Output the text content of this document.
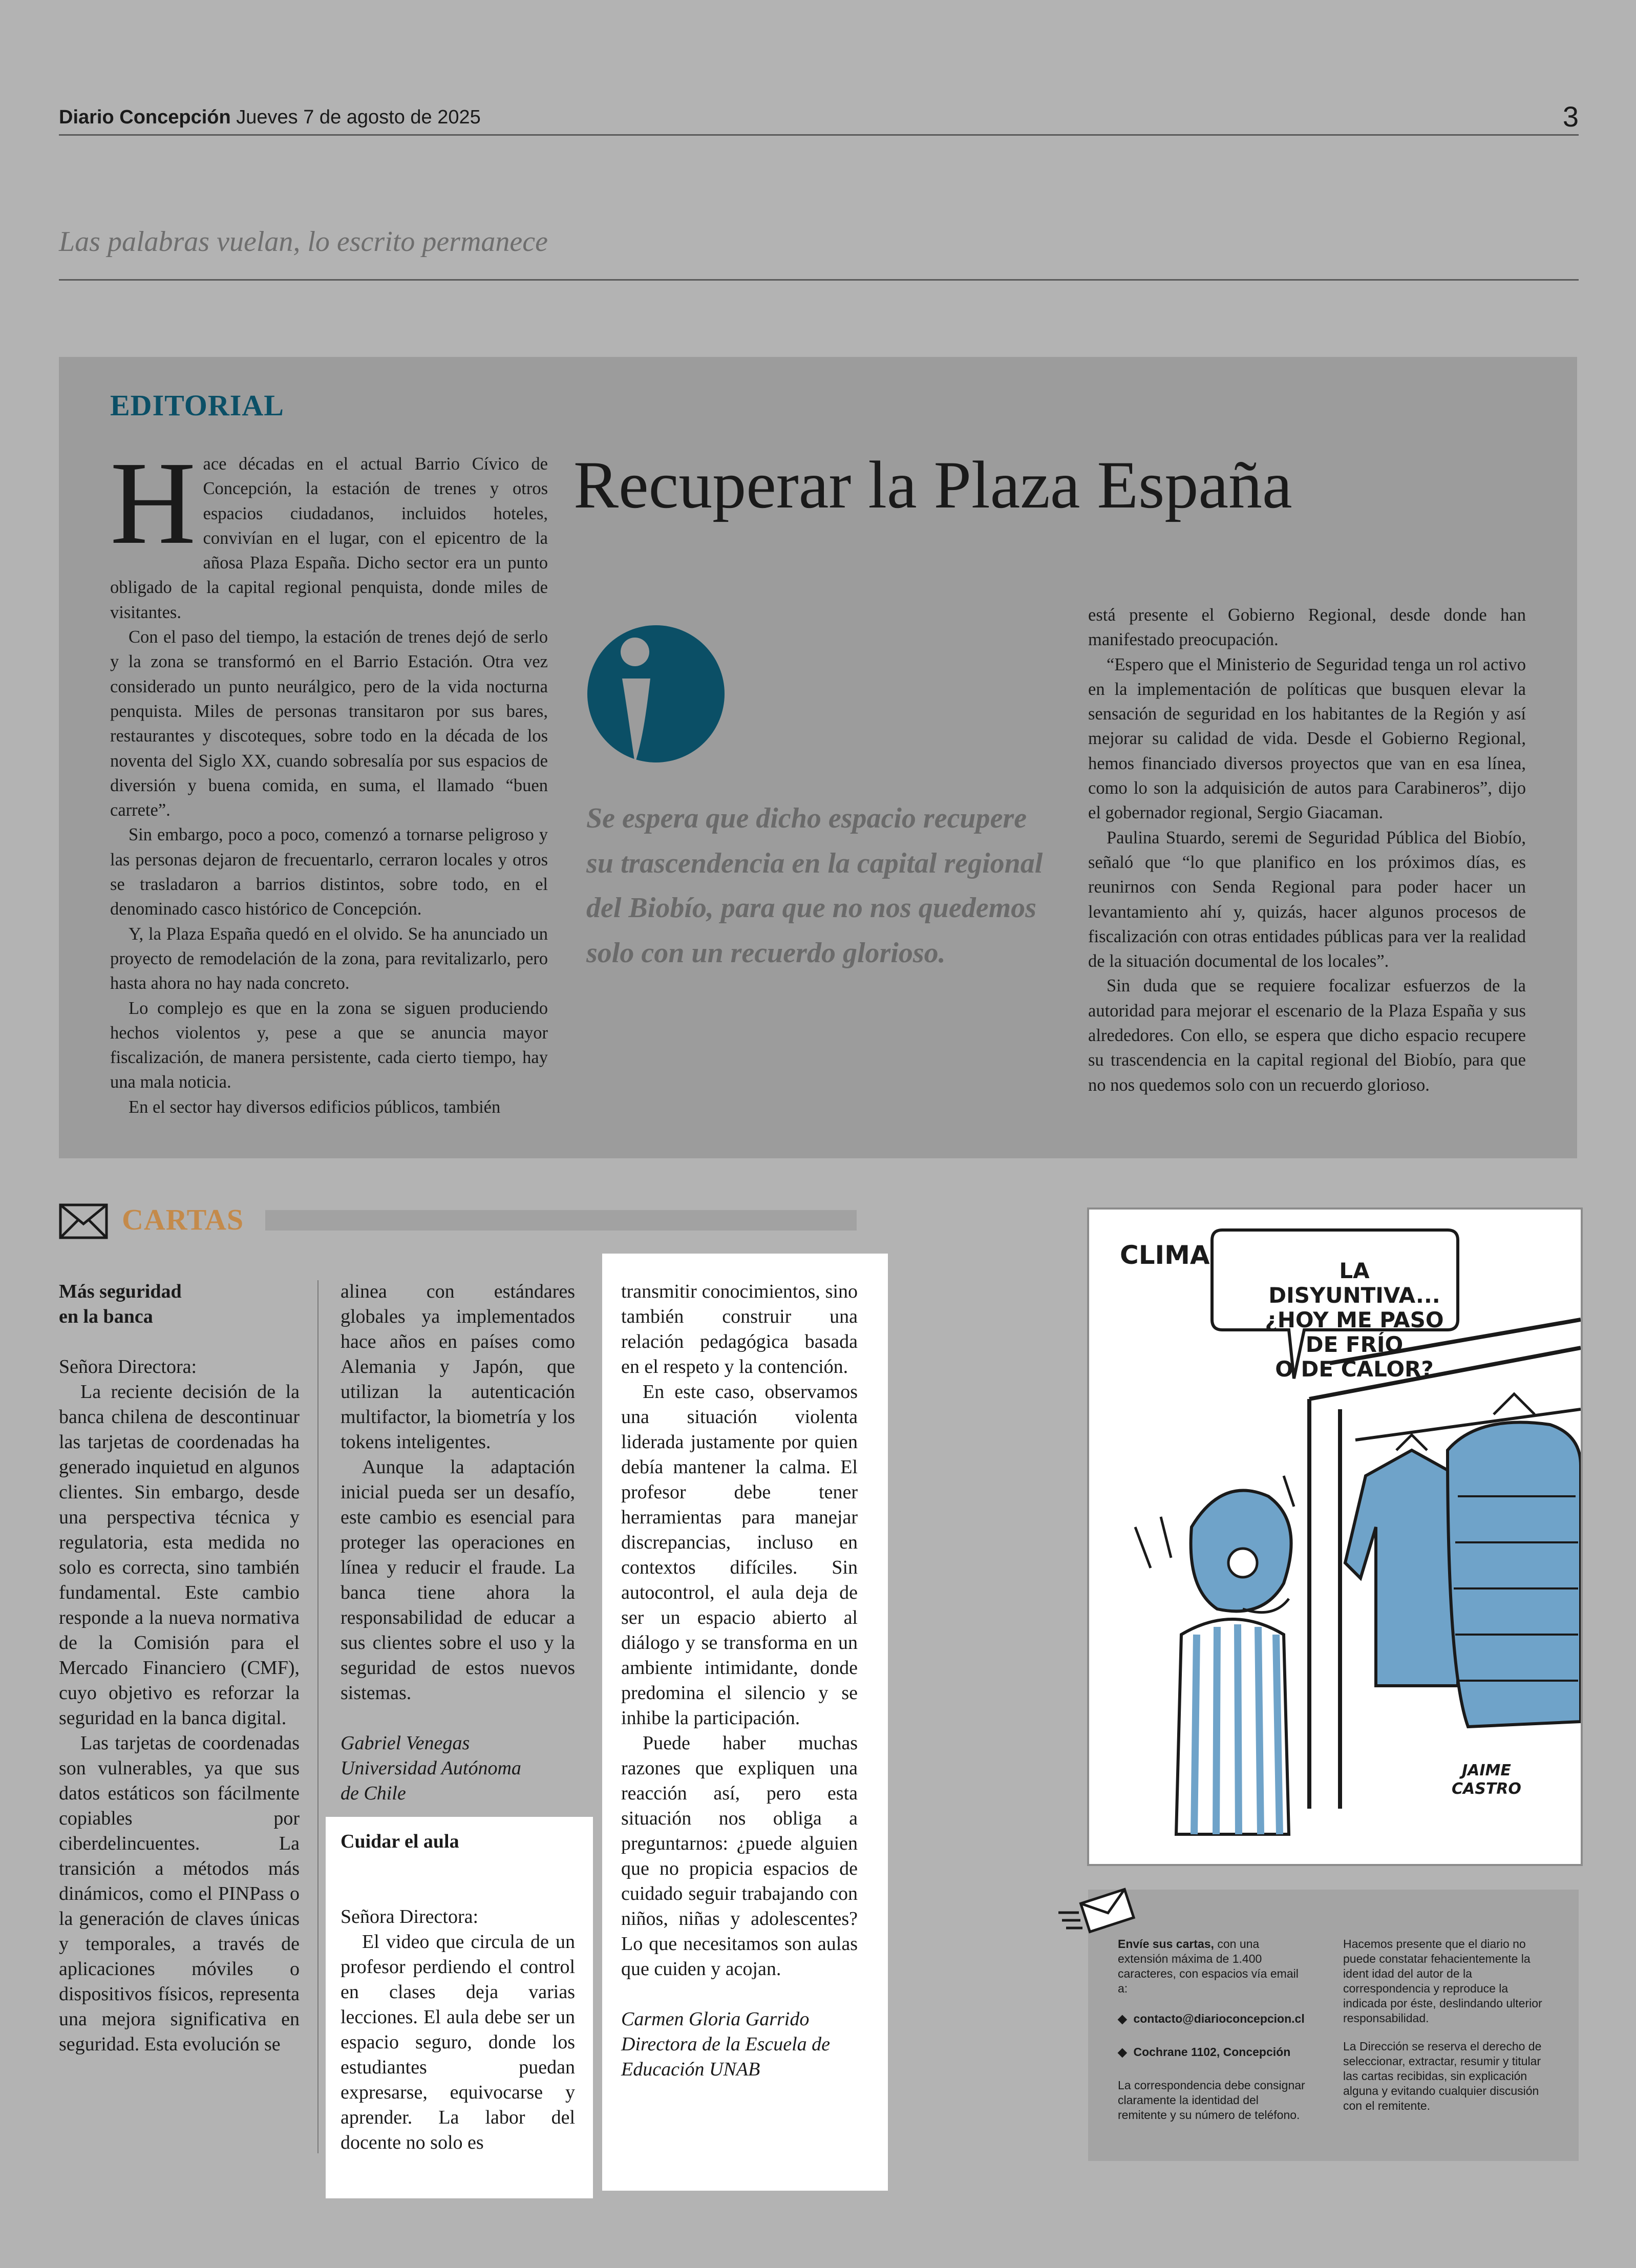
Diario Concepción Jueves 7 de agosto de 2025	3
Las palabras vuelan, lo escrito permanece
EDITORIAL
Recuperar la Plaza España

Hace décadas en el actual Barrio Cívico de Concepción, la estación de trenes y otros espacios ciudadanos, incluidos hoteles, convivían en el lugar, con el epicentro de la añosa Plaza España. Dicho sector era un punto obligado de la capital regional penquista, donde miles de visitantes.

Con el paso del tiempo, la estación de trenes dejó de serlo y la zona se transformó en el Barrio Estación. Otra vez considerado un punto neurálgico, pero de la vida nocturna penquista. Miles de personas transitaron por sus bares, restaurantes y discoteques, sobre todo en la década de los noventa del Siglo XX, cuando sobresalía por sus espacios de diversión y buena comida, en suma, el llamado “buen carrete”.

Sin embargo, poco a poco, comenzó a tornarse peligroso y las personas dejaron de frecuentarlo, cerraron locales y otros se trasladaron a barrios distintos, sobre todo, en el denominado casco histórico de Concepción.

Y, la Plaza España quedó en el olvido. Se ha anunciado un proyecto de remodelación de la zona, para revitalizarlo, pero hasta ahora no hay nada concreto.

Lo complejo es que en la zona se siguen produciendo hechos violentos y, pese a que se anuncia mayor fiscalización, de manera persistente, cada cierto tiempo, hay una mala noticia.

En el sector hay diversos edificios públicos, también

Se espera que dicho espacio recupere su trascendencia en la capital regional del Biobío, para que no nos quedemos solo con un recuerdo glorioso.

está presente el Gobierno Regional, desde donde han manifestado preocupación.

“Espero que el Ministerio de Seguridad tenga un rol activo en la implementación de políticas que busquen elevar la sensación de seguridad en los habitantes de la Región y así mejorar su calidad de vida. Desde el Gobierno Regional, hemos financiado diversos proyectos que van en esa línea, como lo son la adquisición de autos para Carabineros”, dijo el gobernador regional, Sergio Giacaman.

Paulina Stuardo, seremi de Seguridad Pública del Biobío, señaló que “lo que planifico en los próximos días, es reunirnos con Senda Regional para poder hacer un levantamiento ahí y, quizás, hacer algunos procesos de fiscalización con otras entidades públicas para ver la realidad de la situación documental de los locales”.

Sin duda que se requiere focalizar esfuerzos de la autoridad para mejorar el escenario de la Plaza España y sus alrededores. Con ello, se espera que dicho espacio recupere su trascendencia en la capital regional del Biobío, para que no nos quedemos solo con un recuerdo glorioso.

CARTAS

Más seguridad
en la banca

Señora Directora:

La reciente decisión de la banca chilena de descontinuar las tarjetas de coordenadas ha generado inquietud en algunos clientes. Sin embargo, desde una perspectiva técnica y regulatoria, esta medida no solo es correcta, sino también fundamental. Este cambio responde a la nueva normativa de la Comisión para el Mercado Financiero (CMF), cuyo objetivo es reforzar la seguridad en la banca digital.

Las tarjetas de coordenadas son vulnerables, ya que sus datos estáticos son fácilmente copiables por ciberdelincuentes. La transición a métodos más dinámicos, como el PINPass o la generación de claves únicas y temporales, a través de aplicaciones móviles o dispositivos físicos, representa una mejora significativa en seguridad. Esta evolución se

alinea con estándares globales ya implementados hace años en países como Alemania y Japón, que utilizan la autenticación multifactor, la biometría y los tokens inteligentes.

Aunque la adaptación inicial pueda ser un desafío, este cambio es esencial para proteger las operaciones en línea y reducir el fraude. La banca tiene ahora la responsabilidad de educar a sus clientes sobre el uso y la seguridad de estos nuevos sistemas.

Gabriel Venegas
Universidad Autónoma
de Chile

Cuidar el aula

Señora Directora:

El video que circula de un profesor perdiendo el control en clases deja varias lecciones. El aula debe ser un espacio seguro, donde los estudiantes puedan expresarse, equivocarse y aprender. La labor del docente no solo es

transmitir conocimientos, sino también construir una relación pedagógica basada en el respeto y la contención.

En este caso, observamos una situación violenta liderada justamente por quien debía mantener la calma. El profesor debe tener herramientas para manejar discrepancias, incluso en contextos difíciles. Sin autocontrol, el aula deja de ser un espacio abierto al diálogo y se transforma en un ambiente intimidante, donde predomina el silencio y se inhibe la participación.

Puede haber muchas razones que expliquen una reacción así, pero esta situación nos obliga a preguntarnos: ¿puede alguien que no propicia espacios de cuidado seguir trabajando con niños, niñas y adolescentes? Lo que necesitamos son aulas que cuiden y acojan.

Carmen Gloria Garrido
Directora de la Escuela de
Educación UNAB

CLIMA
LA DISYUNTIVA...
¿HOY ME PASO DE FRÍO
O DE CALOR?
JAIME
CASTRO

Envíe sus cartas, con una extensión máxima de 1.400 caracteres, con espacios vía email a:

◆  contacto@diarioconcepcion.cl

◆  Cochrane 1102, Concepción

La correspondencia debe consignar claramente la identidad del remitente y su número de teléfono.

Hacemos presente que el diario no puede constatar fehacientemente la ident idad del autor de la correspondencia y reproduce la indicada por éste, deslindando ulterior responsabilidad.

La Dirección se reserva el derecho de seleccionar, extractar, resumir y titular las cartas recibidas, sin explicación alguna y evitando cualquier discusión con el remitente.
